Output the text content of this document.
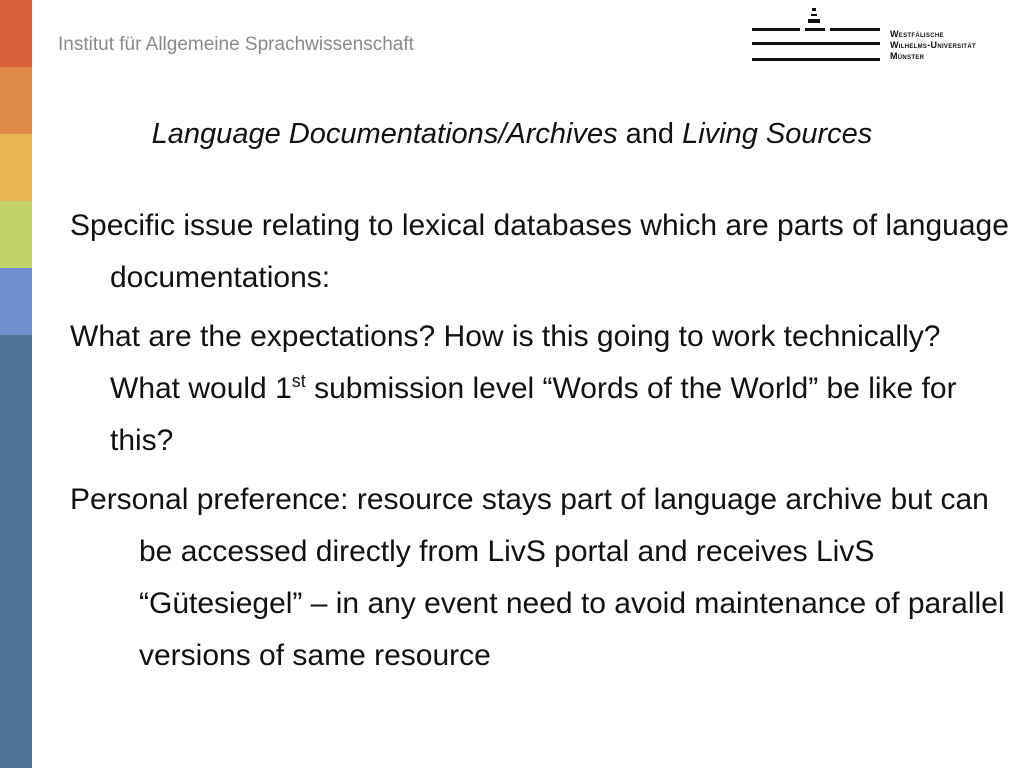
Institut für Allgemeine Sprachwissenschaft	Westfälische
Wilhelms-Universität
Münster
Language Documentations/Archives and Living Sources
Specific issue relating to lexical databases which are parts of language documentations:
What are the expectations? How is this going to work technically? What would 1st submission level “Words of the World” be like for this?
Personal preference: resource stays part of language archive but can be accessed directly from LivS portal and receives LivS “Gütesiegel” – in any event need to avoid maintenance of parallel versions of same resource
